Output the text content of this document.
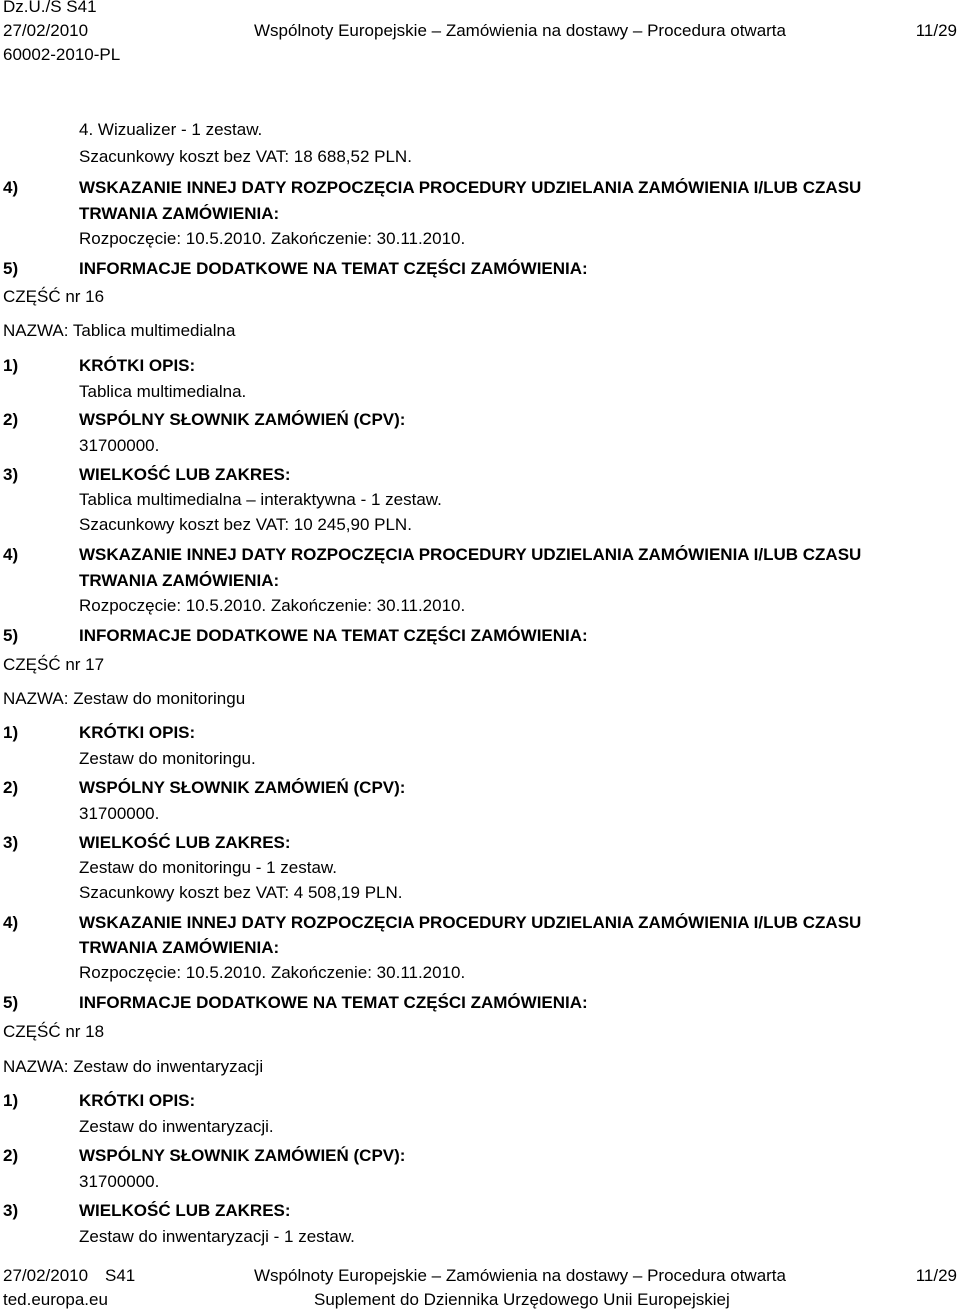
Dz.U./S S41
27/02/2010	Wspólnoty Europejskie – Zamówienia na dostawy – Procedura otwarta	11/29
60002-2010-PL
4. Wizualizer - 1 zestaw.
Szacunkowy koszt bez VAT: 18 688,52 PLN.
4)	WSKAZANIE INNEJ DATY ROZPOCZĘCIA PROCEDURY UDZIELANIA ZAMÓWIENIA I/LUB CZASU
TRWANIA ZAMÓWIENIA:
Rozpoczęcie: 10.5.2010. Zakończenie: 30.11.2010.
5)	INFORMACJE DODATKOWE NA TEMAT CZĘŚCI ZAMÓWIENIA:
CZĘŚĆ nr 16
NAZWA: Tablica multimedialna
1)	KRÓTKI OPIS:
Tablica multimedialna.
2)	WSPÓLNY SŁOWNIK ZAMÓWIEŃ (CPV):
31700000.
3)	WIELKOŚĆ LUB ZAKRES:
Tablica multimedialna – interaktywna - 1 zestaw.
Szacunkowy koszt bez VAT: 10 245,90 PLN.
4)	WSKAZANIE INNEJ DATY ROZPOCZĘCIA PROCEDURY UDZIELANIA ZAMÓWIENIA I/LUB CZASU
TRWANIA ZAMÓWIENIA:
Rozpoczęcie: 10.5.2010. Zakończenie: 30.11.2010.
5)	INFORMACJE DODATKOWE NA TEMAT CZĘŚCI ZAMÓWIENIA:
CZĘŚĆ nr 17
NAZWA: Zestaw do monitoringu
1)	KRÓTKI OPIS:
Zestaw do monitoringu.
2)	WSPÓLNY SŁOWNIK ZAMÓWIEŃ (CPV):
31700000.
3)	WIELKOŚĆ LUB ZAKRES:
Zestaw do monitoringu - 1 zestaw.
Szacunkowy koszt bez VAT: 4 508,19 PLN.
4)	WSKAZANIE INNEJ DATY ROZPOCZĘCIA PROCEDURY UDZIELANIA ZAMÓWIENIA I/LUB CZASU
TRWANIA ZAMÓWIENIA:
Rozpoczęcie: 10.5.2010. Zakończenie: 30.11.2010.
5)	INFORMACJE DODATKOWE NA TEMAT CZĘŚCI ZAMÓWIENIA:
CZĘŚĆ nr 18
NAZWA: Zestaw do inwentaryzacji
1)	KRÓTKI OPIS:
Zestaw do inwentaryzacji.
2)	WSPÓLNY SŁOWNIK ZAMÓWIEŃ (CPV):
31700000.
3)	WIELKOŚĆ LUB ZAKRES:
Zestaw do inwentaryzacji - 1 zestaw.
27/02/2010 S41	Wspólnoty Europejskie – Zamówienia na dostawy – Procedura otwarta	11/29
ted.europa.eu	Suplement do Dziennika Urzędowego Unii Europejskiej
